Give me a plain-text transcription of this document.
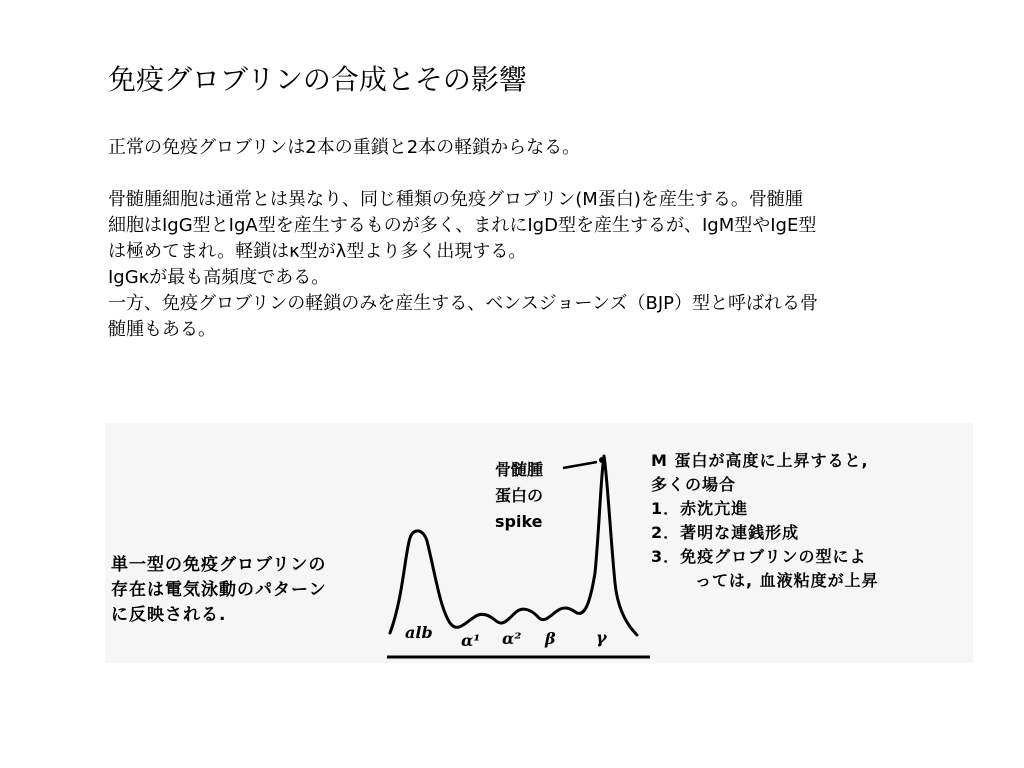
免疫グロブリンの合成とその影響

正常の免疫グロブリンは2本の重鎖と2本の軽鎖からなる。

骨髄腫細胞は通常とは異なり、同じ種類の免疫グロブリン(M蛋白)を産生する。骨髄腫

細胞はIgG型とIgA型を産生するものが多く、まれにIgD型を産生するが、IgM型やIgE型

は極めてまれ。軽鎖はκ型がλ型より多く出現する。

IgGκが最も高頻度である。

一方、免疫グロブリンの軽鎖のみを産生する、ベンスジョーンズ（BJP）型と呼ばれる骨

髄腫もある。

単一型の免疫グロブリンの

存在は電気泳動のパターン

に反映される.

骨髄腫

蛋白の

spike

M 蛋白が高度に上昇すると,

多くの場合

1．赤沈亢進

2．著明な連銭形成

3．免疫グロブリンの型によ

っては, 血液粘度が上昇

alb α¹ α² β	γ
